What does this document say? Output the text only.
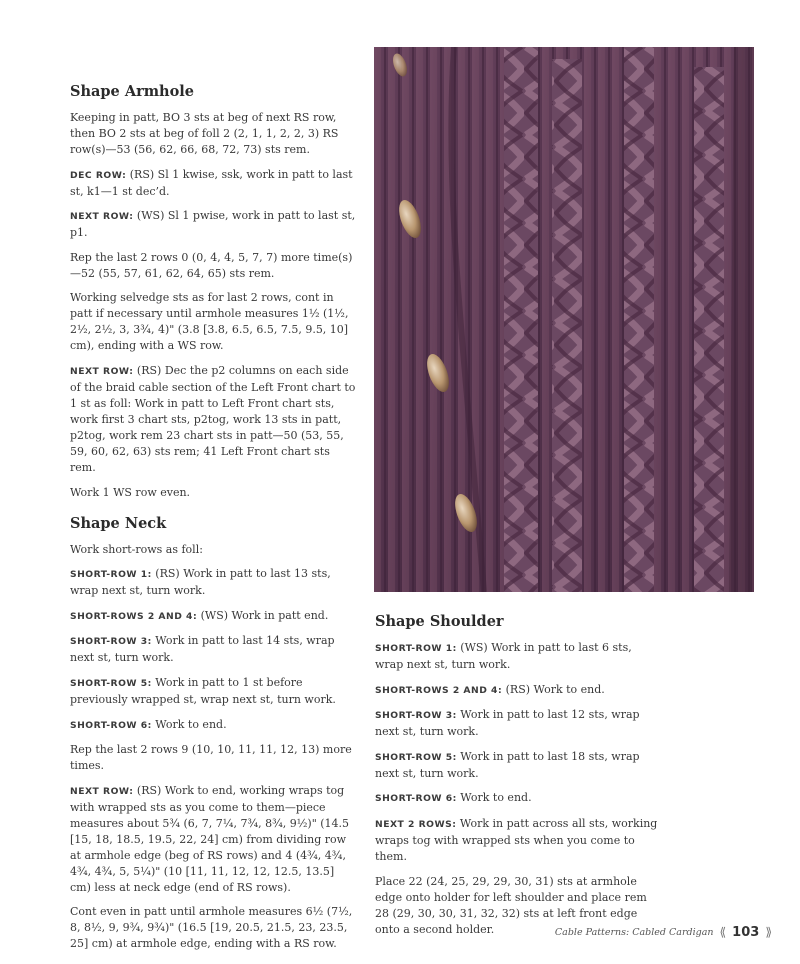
Shape Armhole

Keeping in patt, BO 3 sts at beg of next RS row, then BO 2 sts at beg of foll 2 (2, 1, 1, 2, 2, 3) RS row(s)—53 (56, 62, 66, 68, 72, 73) sts rem.

DEC ROW: (RS) Sl 1 kwise, ssk, work in patt to last st, k1—1 st dec’d.

NEXT ROW: (WS) Sl 1 pwise, work in patt to last st, p1.

Rep the last 2 rows 0 (0, 4, 4, 5, 7, 7) more time(s)—52 (55, 57, 61, 62, 64, 65) sts rem.

Working selvedge sts as for last 2 rows, cont in patt if necessary until armhole measures 1½ (1½, 2½, 2½, 3, 3¾, 4)" (3.8 [3.8, 6.5, 6.5, 7.5, 9.5, 10] cm), ending with a WS row.

NEXT ROW: (RS) Dec the p2 columns on each side of the braid cable section of the Left Front chart to 1 st as foll: Work in patt to Left Front chart sts, work first 3 chart sts, p2tog, work 13 sts in patt, p2tog, work rem 23 chart sts in patt—50 (53, 55, 59, 60, 62, 63) sts rem; 41 Left Front chart sts rem.

Work 1 WS row even.

Shape Neck

Work short-rows as foll:

SHORT-ROW 1: (RS) Work in patt to last 13 sts, wrap next st, turn work.

SHORT-ROWS 2 AND 4: (WS) Work in patt end.

SHORT-ROW 3: Work in patt to last 14 sts, wrap next st, turn work.

SHORT-ROW 5: Work in patt to 1 st before previously wrapped st, wrap next st, turn work.

SHORT-ROW 6: Work to end.

Rep the last 2 rows 9 (10, 10, 11, 11, 12, 13) more times.

NEXT ROW: (RS) Work to end, working wraps tog with wrapped sts as you come to them—piece measures about 5¾ (6, 7, 7¼, 7¾, 8¾, 9½)" (14.5 [15, 18, 18.5, 19.5, 22, 24] cm) from dividing row at armhole edge (beg of RS rows) and 4 (4¾, 4¾, 4¾, 4¾, 5, 5¼)" (10 [11, 11, 12, 12, 12.5, 13.5] cm) less at neck edge (end of RS rows).

Cont even in patt until armhole measures 6½ (7½, 8, 8½, 9, 9¾, 9¾)" (16.5 [19, 20.5, 21.5, 23, 23.5, 25] cm) at armhole edge, ending with a RS row.

Shape Shoulder

SHORT-ROW 1: (WS) Work in patt to last 6 sts, wrap next st, turn work.

SHORT-ROWS 2 AND 4: (RS) Work to end.

SHORT-ROW 3: Work in patt to last 12 sts, wrap next st, turn work.

SHORT-ROW 5: Work in patt to last 18 sts, wrap next st, turn work.

SHORT-ROW 6: Work to end.

NEXT 2 ROWS: Work in patt across all sts, working wraps tog with wrapped sts when you come to them.

Place 22 (24, 25, 29, 29, 30, 31) sts at armhole edge onto holder for left shoulder and place rem 28 (29, 30, 30, 31, 32, 32) sts at left front edge onto a second holder.	Cable Patterns: Cabled Cardigan ⟪ 103 ⟫
